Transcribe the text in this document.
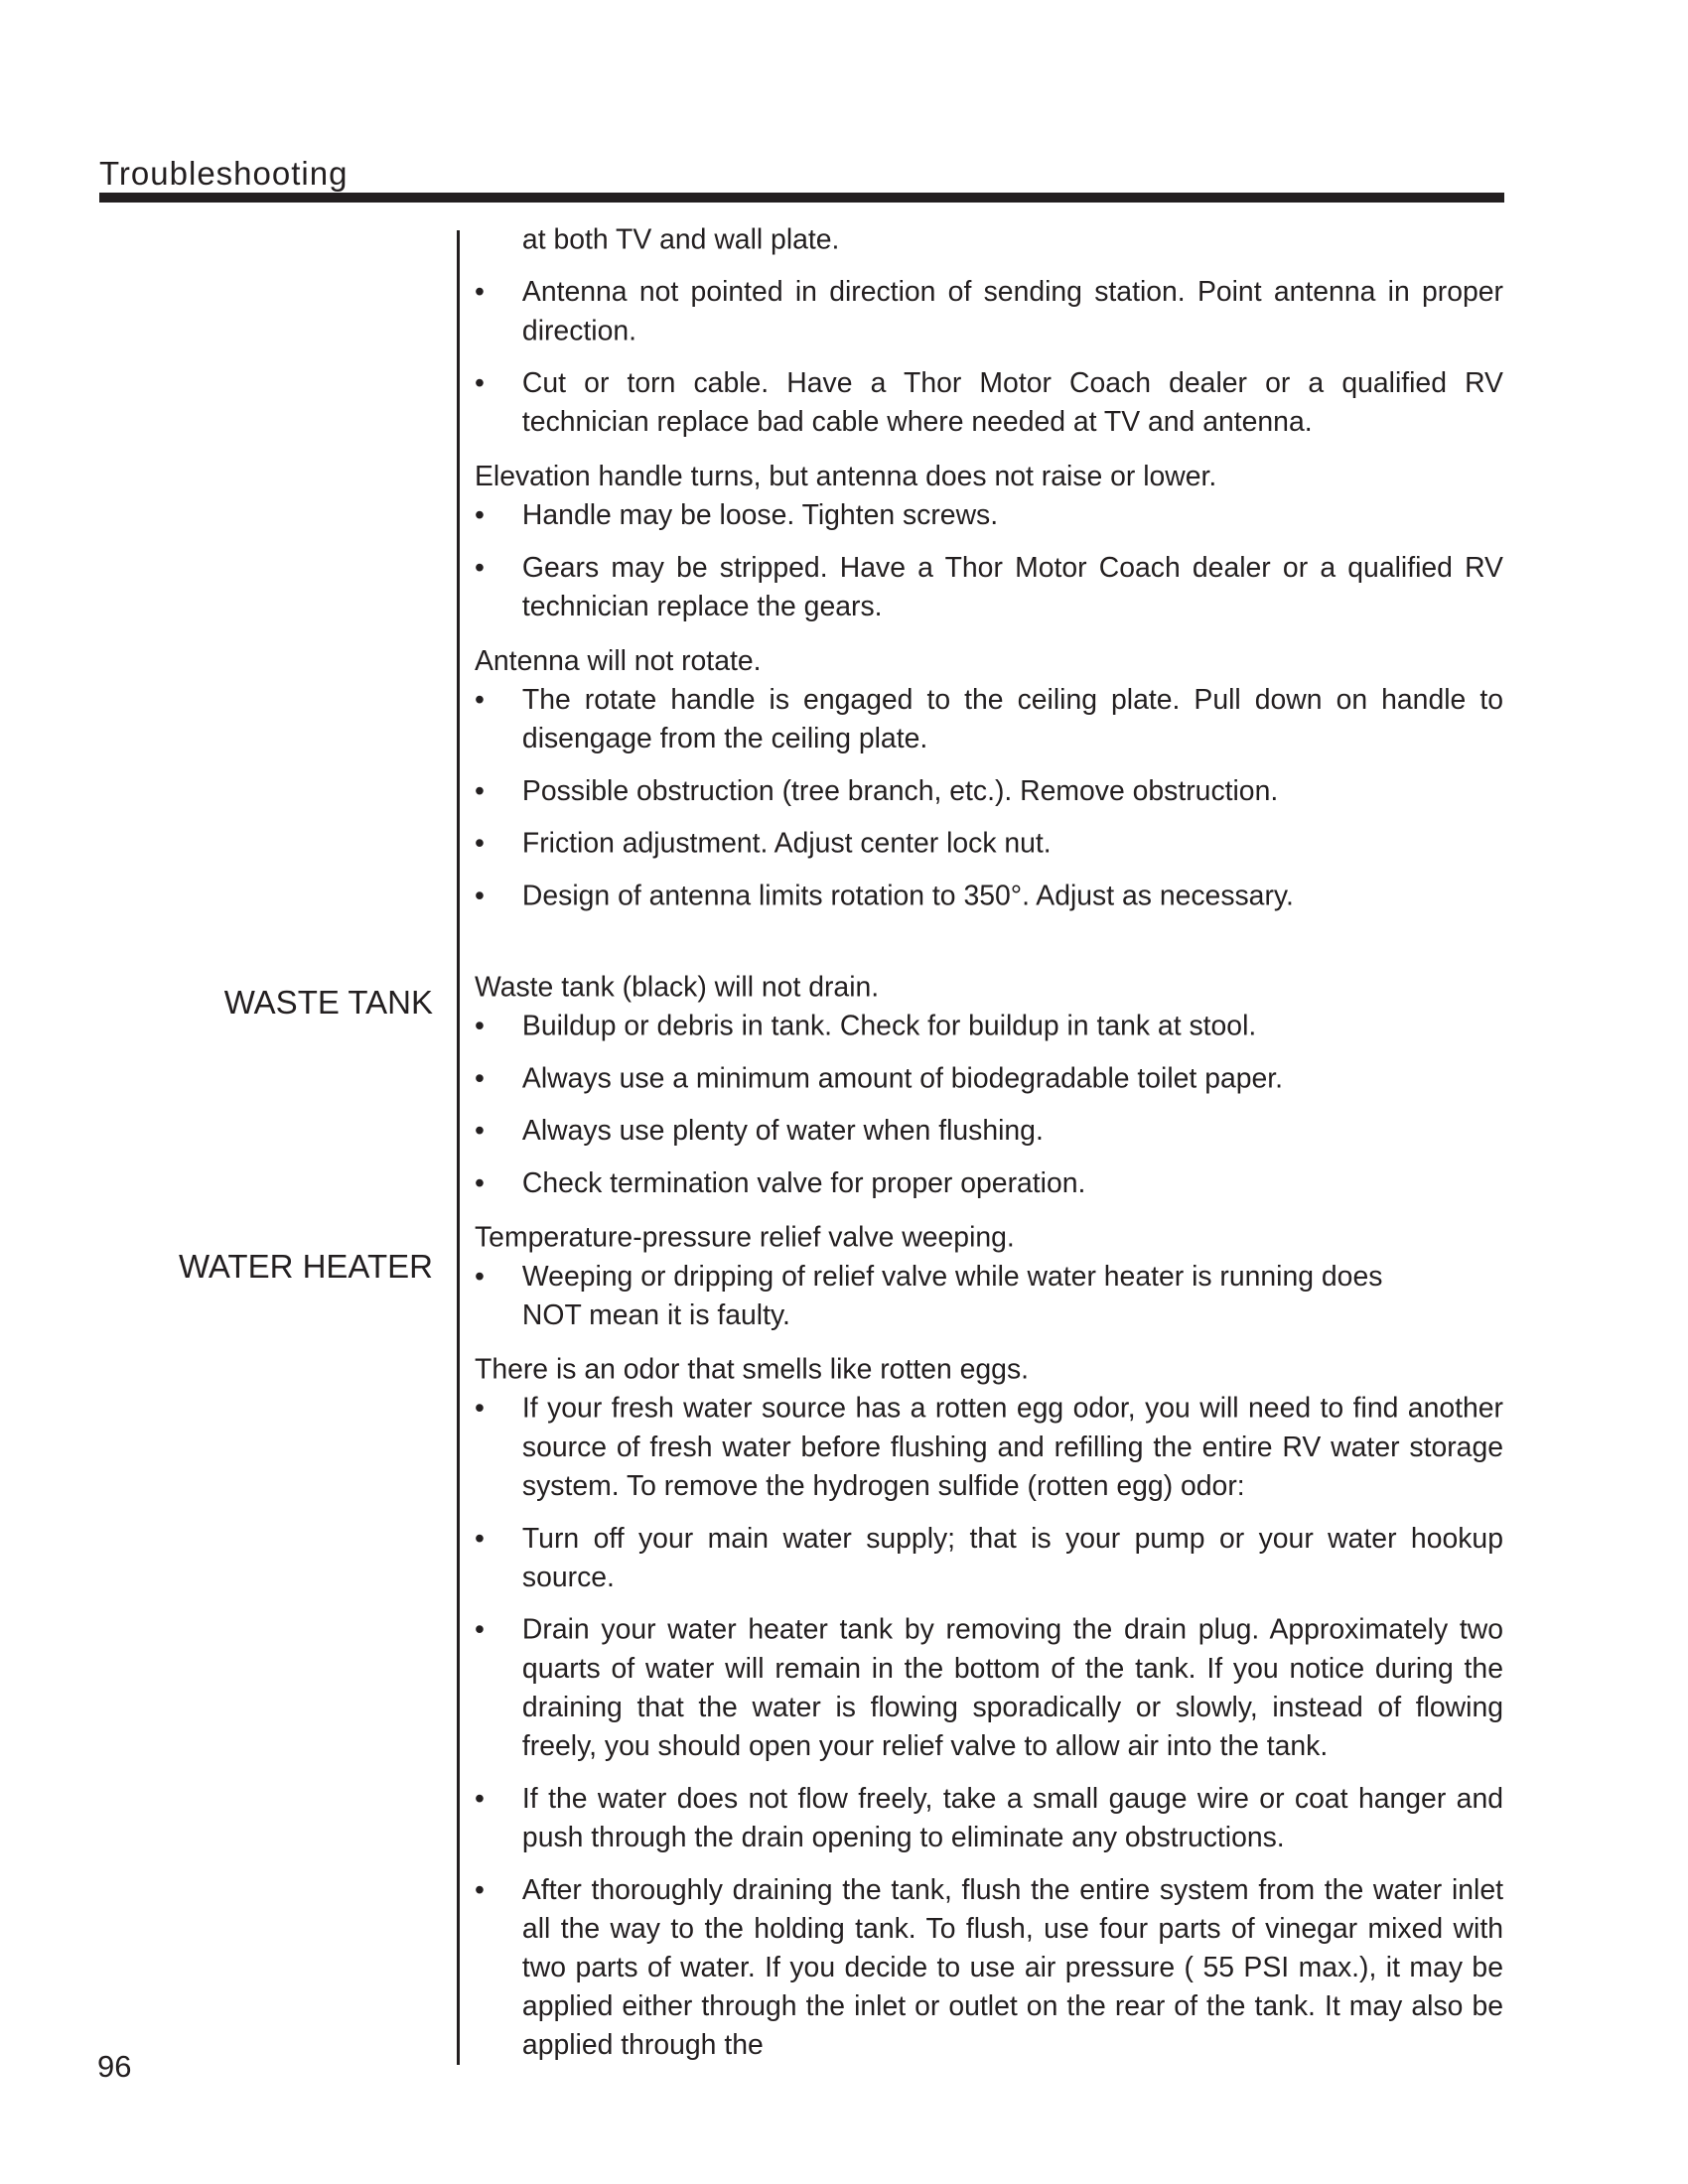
Troubleshooting
WASTE TANK
WATER HEATER

at both TV and wall plate.

•	Antenna not pointed in direction of sending station. Point antenna in proper direction.
•	Cut or torn cable. Have a Thor Motor Coach dealer or a qualified RV technician replace bad cable where needed at TV and antenna.

Elevation handle turns, but antenna does not raise or lower.

•	Handle may be loose. Tighten screws.
•	Gears may be stripped. Have a Thor Motor Coach dealer or a qualified RV technician replace the gears.

Antenna will not rotate.

•	The rotate handle is engaged to the ceiling plate. Pull down on handle to disengage from the ceiling plate.
•	Possible obstruction (tree branch, etc.). Remove obstruction.
•	Friction adjustment. Adjust center lock nut.
•	Design of antenna limits rotation to 350°. Adjust as necessary.

Waste tank (black) will not drain.

•	Buildup or debris in tank. Check for buildup in tank at stool.
•	Always use a minimum amount of biodegradable toilet paper.
•	Always use plenty of water when flushing.
•	Check termination valve for proper operation.

Temperature-pressure relief valve weeping.

•	Weeping or dripping of relief valve while water heater is running does NOT mean it is faulty.

There is an odor that smells like rotten eggs.

•	If your fresh water source has a rotten egg odor, you will need to find another source of fresh water before flushing and refilling the entire RV water storage system. To remove the hydrogen sulfide (rotten egg) odor:
•	Turn off your main water supply; that is your pump or your water hookup source.
•	Drain your water heater tank by removing the drain plug. Approximately two quarts of water will remain in the bottom of the tank. If you notice during the draining that the water is flowing sporadically or slowly, instead of flowing freely, you should open your relief valve to allow air into the tank.
•	If the water does not flow freely, take a small gauge wire or coat hanger and push through the drain opening to eliminate any obstructions.
•	After thoroughly draining the tank, flush the entire system from the water inlet all the way to the holding tank. To flush, use four parts of vinegar mixed with two parts of water. If you decide to use air pressure ( 55 PSI max.), it may be applied either through the inlet or outlet on the rear of the tank. It may also be applied through the
96
